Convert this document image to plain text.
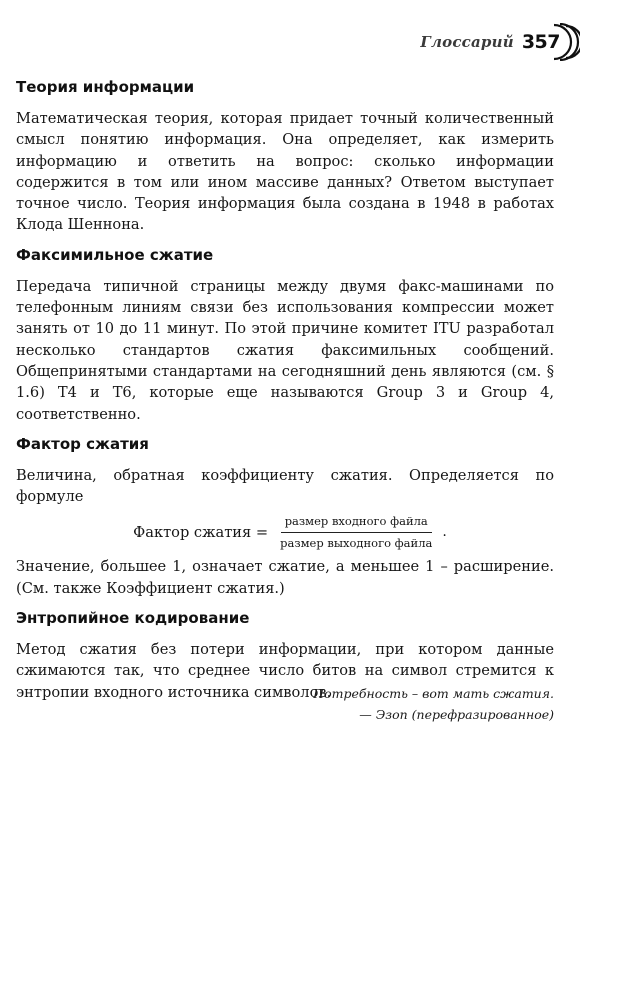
Глоссарий 357
Теория информации

Математическая теория, которая придает точный количественный смысл понятию информация. Она определяет, как измерить информацию и ответить на вопрос: сколько информации содержится в том или ином массиве данных? Ответом выступает точное число. Теория информация была создана в 1948 в работах Клода Шеннона.

Факсимильное сжатие

Передача типичной страницы между двумя факс-машинами по телефонным линиям связи без использования компрессии может занять от 10 до 11 минут. По этой причине комитет ITU разработал несколько стандартов сжатия факсимильных сообщений. Общепринятыми стандартами на сегодняшний день являются (см. § 1.6) T4 и T6, которые еще называются Group 3 и Group 4, соответственно.

Фактор сжатия

Величина, обратная коэффициенту сжатия. Определяется по формуле

Фактор сжатия = $\frac{\text{размер входного файла}}{\text{размер выходного файла}}$ .

Значение, большее 1, означает сжатие, а меньшее 1 – расширение. (См. также Коэффициент сжатия.)

Энтропийное кодирование

Метод сжатия без потери информации, при котором данные сжимаются так, что среднее число битов на символ стремится к энтропии входного источника символов.

Потребность – вот мать сжатия.
— Эзоп (перефразированное)
